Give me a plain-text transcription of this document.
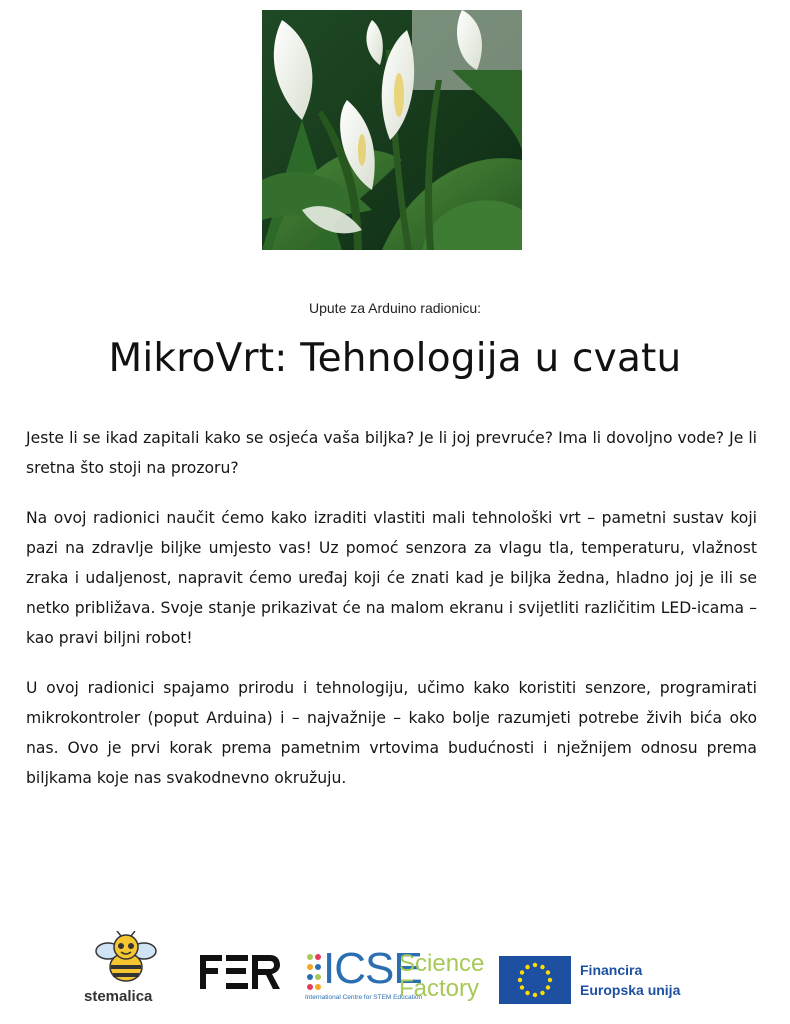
Upute za Arduino radionicu:
MikroVrt: Tehnologija u cvatu

Jeste li se ikad zapitali kako se osjeća vaša biljka? Je li joj prevruće? Ima li dovoljno vode? Je li sretna što stoji na prozoru?

Na ovoj radionici naučit ćemo kako izraditi vlastiti mali tehnološki vrt – pametni sustav koji pazi na zdravlje biljke umjesto vas! Uz pomoć senzora za vlagu tla, temperaturu, vlažnost zraka i udaljenost, napravit ćemo uređaj koji će znati kad je biljka žedna, hladno joj je ili se netko približava. Svoje stanje prikazivat će na malom ekranu i svijetliti različitim LED-icama – kao pravi biljni robot!

U ovoj radionici spajamo prirodu i tehnologiju, učimo kako koristiti senzore, programirati mikrokontroler (poput Arduina) i – najvažnije – kako bolje razumjeti potrebe živih bića oko nas. Ovo je prvi korak prema pametnim vrtovima budućnosti i nježnijem odnosu prema biljkama koje nas svakodnevno okružuju.

stemalica
ICSE
International Centre for STEM Education
Science
Factory
Financira
Europska unija
